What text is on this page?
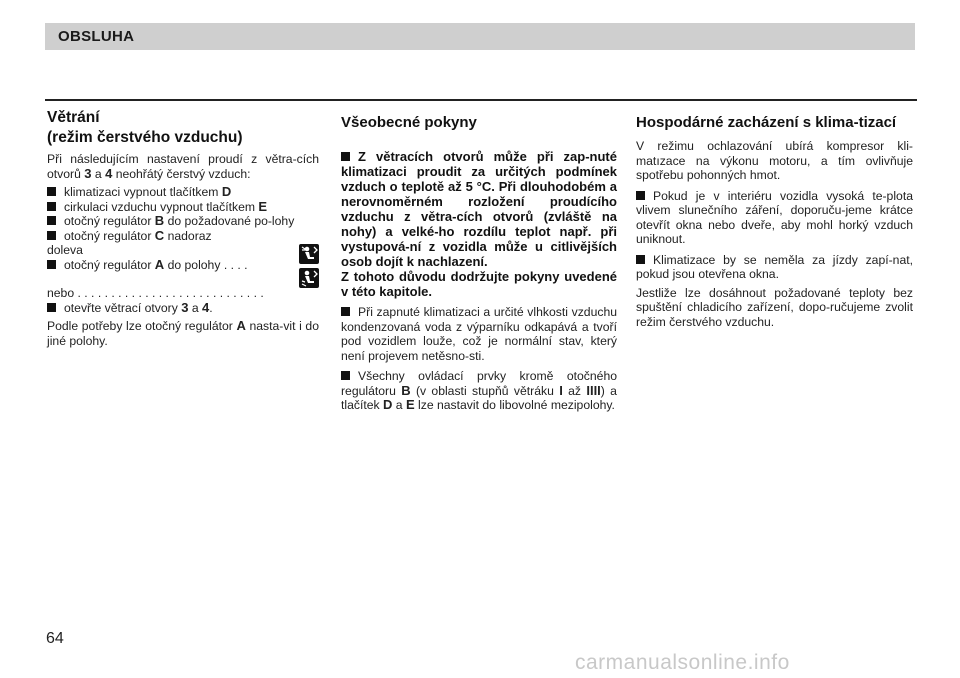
OBSLUHA

Větrání

(režim čerstvého vzduchu)

Při následujícím nastavení proudí z větra-cích otvorů 3 a 4 neohřátý čerstvý vzduch:

klimatizaci vypnout tlačítkem D

cirkulaci vzduchu vypnout tlačítkem E

otočný regulátor B do požadované po-lohy

otočný regulátor C nadoraz doleva

otočný regulátor A do polohy . . . .

nebo . . . . . . . . . . . . . . . . . . . . . . . . . . . .

otevřte větrací otvory 3 a 4.

Podle potřeby lze otočný regulátor A nasta-vit i do jiné polohy.

Všeobecné pokyny

Z větracích otvorů může při zap-nuté klimatizaci proudit za určitých podmínek vzduch o teplotě až 5 °C. Při dlouhodobém a nerovnoměrném rozložení proudícího vzduchu z větra-cích otvorů (zvláště na nohy) a velké-ho rozdílu teplot např. při vystupová-ní z vozidla může u citlivějších osob dojít k nachlazení.

Z tohoto důvodu dodržujte pokyny uvedené v této kapitole.

Při zapnuté klimatizaci a určité vlhkosti vzduchu kondenzovaná voda z výparníku odkapává a tvoří pod vozidlem louže, což je normální stav, který není projevem netěsno-sti.

Všechny ovládací prvky kromě otočného regulátoru B (v oblasti stupňů větráku I až IIII) a tlačítek D a E lze nastavit do libovolné mezipolohy.

Hospodárné zacházení s klima-tizací

V režimu ochlazování ubírá kompresor kli-matızace na výkonu motoru, a tím ovlivňuje spotřebu pohonných hmot.

Pokud je v interiéru vozidla vysoká te-plota vlivem slunečního záření, doporuču-jeme krátce otevřít okna nebo dveře, aby mohl horký vzduch uniknout.

Klimatizace by se neměla za jízdy zapí-nat, pokud jsou otevřena okna.

Jestliže lze dosáhnout požadované teploty bez spuštění chladicího zařízení, dopo-ručujeme zvolit režim čerstvého vzduchu.

64
carmanualsonline.info
